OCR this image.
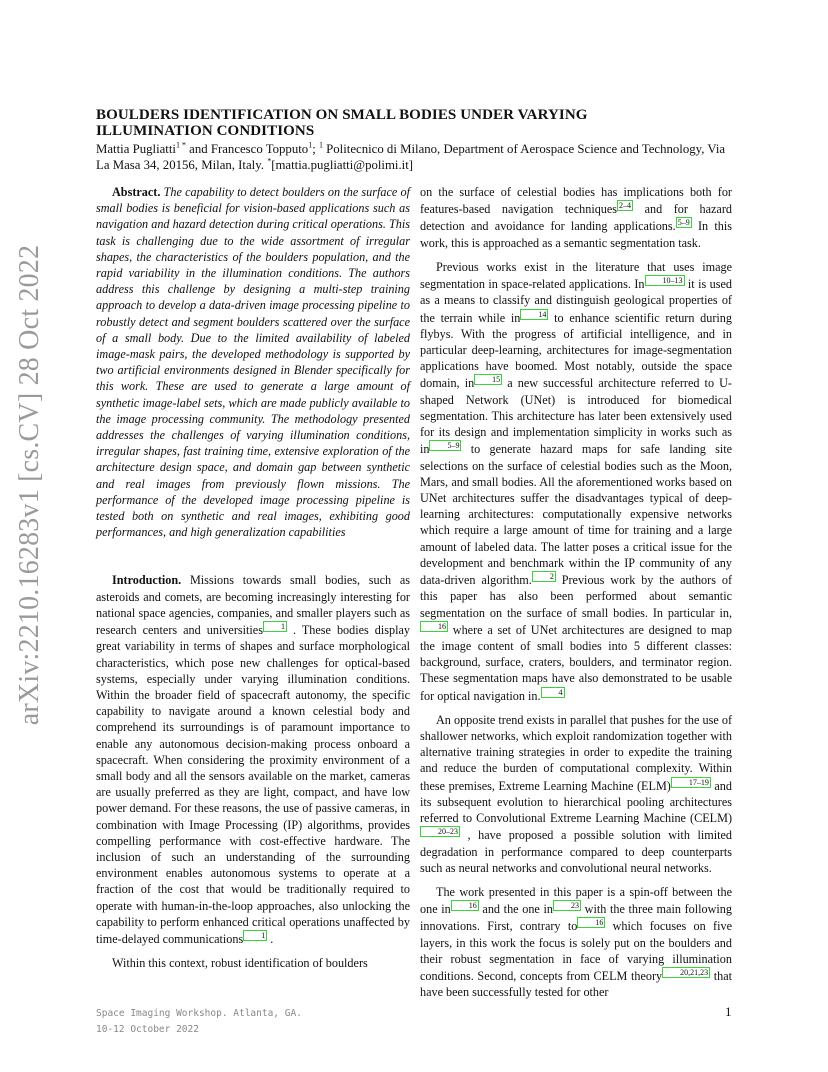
arXiv:2210.16283v1 [cs.CV] 28 Oct 2022
BOULDERS IDENTIFICATION ON SMALL BODIES UNDER VARYING
ILLUMINATION CONDITIONS
Mattia Pugliatti$^{1 *}$ and Francesco Topputo$^1$; $^1$ Politecnico di Milano, Department of Aerospace Science and Technology, Via La Masa 34, 20156, Milan, Italy. *[mattia.pugliatti@polimi.it]

Abstract. The capability to detect boulders on the surface of small bodies is beneficial for vision-based applications such as navigation and hazard detection during critical operations. This task is challenging due to the wide assortment of irregular shapes, the characteristics of the boulders population, and the rapid variability in the illumination conditions. The authors address this challenge by designing a multi-step training approach to develop a data-driven image processing pipeline to robustly detect and segment boulders scattered over the surface of a small body. Due to the limited availability of labeled image-mask pairs, the developed methodology is supported by two artificial environments designed in Blender specifically for this work. These are used to generate a large amount of synthetic image-label sets, which are made publicly available to the image processing community. The methodology presented addresses the challenges of varying illumination conditions, irregular shapes, fast training time, extensive exploration of the architecture design space, and domain gap between synthetic and real images from previously flown missions. The performance of the developed image processing pipeline is tested both on synthetic and real images, exhibiting good performances, and high generalization capabilities

Introduction. Missions towards small bodies, such as asteroids and comets, are becoming increasingly interesting for national space agencies, companies, and smaller players such as research centers and universities 1 . These bodies display great variability in terms of shapes and surface morphological characteristics, which pose new challenges for optical-based systems, especially under varying illumination conditions. Within the broader field of spacecraft autonomy, the specific capability to navigate around a known celestial body and comprehend its surroundings is of paramount importance to enable any autonomous decision-making process onboard a spacecraft. When considering the proximity environment of a small body and all the sensors available on the market, cameras are usually preferred as they are light, compact, and have low power demand. For these reasons, the use of passive cameras, in combination with Image Processing (IP) algorithms, provides compelling performance with cost-effective hardware. The inclusion of such an understanding of the surrounding environment enables autonomous systems to operate at a fraction of the cost that would be traditionally required to operate with human-in-the-loop approaches, also unlocking the capability to perform enhanced critical operations unaffected by time-delayed communications 1 .

Within this context, robust identification of boulders

on the surface of celestial bodies has implications both for features-based navigation techniques 2–4 and for hazard detection and avoidance for landing applications. 5–9 In this work, this is approached as a semantic segmentation task.

Previous works exist in the literature that uses image segmentation in space-related applications. In 10–13 it is used as a means to classify and distinguish geological properties of the terrain while in 14 to enhance scientific return during flybys. With the progress of artificial intelligence, and in particular deep-learning, architectures for image-segmentation applications have boomed. Most notably, outside the space domain, in 15 a new successful architecture referred to U-shaped Network (UNet) is introduced for biomedical segmentation. This architecture has later been extensively used for its design and implementation simplicity in works such as in 5–9 to generate hazard maps for safe landing site selections on the surface of celestial bodies such as the Moon, Mars, and small bodies. All the aforementioned works based on UNet architectures suffer the disadvantages typical of deep-learning architectures: computationally expensive networks which require a large amount of time for training and a large amount of labeled data. The latter poses a critical issue for the development and benchmark within the IP community of any data-driven algorithm. 2 Previous work by the authors of this paper has also been performed about semantic segmentation on the surface of small bodies. In particular in,16 where a set of UNet architectures are designed to map the image content of small bodies into 5 different classes: background, surface, craters, boulders, and terminator region. These segmentation maps have also demonstrated to be usable for optical navigation in. 4

An opposite trend exists in parallel that pushes for the use of shallower networks, which exploit randomization together with alternative training strategies in order to expedite the training and reduce the burden of computational complexity. Within these premises, Extreme Learning Machine (ELM) 17–19 and its subsequent evolution to hierarchical pooling architectures referred to Convolutional Extreme Learning Machine (CELM)20–23 , have proposed a possible solution with limited degradation in performance compared to deep counterparts such as neural networks and convolutional neural networks.

The work presented in this paper is a spin-off between the one in 16 and the one in 23 with the three main following innovations. First, contrary to 16 which focuses on five layers, in this work the focus is solely put on the boulders and their robust segmentation in face of varying illumination conditions. Second, concepts from CELM theory 20,21,23 that have been successfully tested for other

Space Imaging Workshop. Atlanta, GA.
10-12 October 2022
1
